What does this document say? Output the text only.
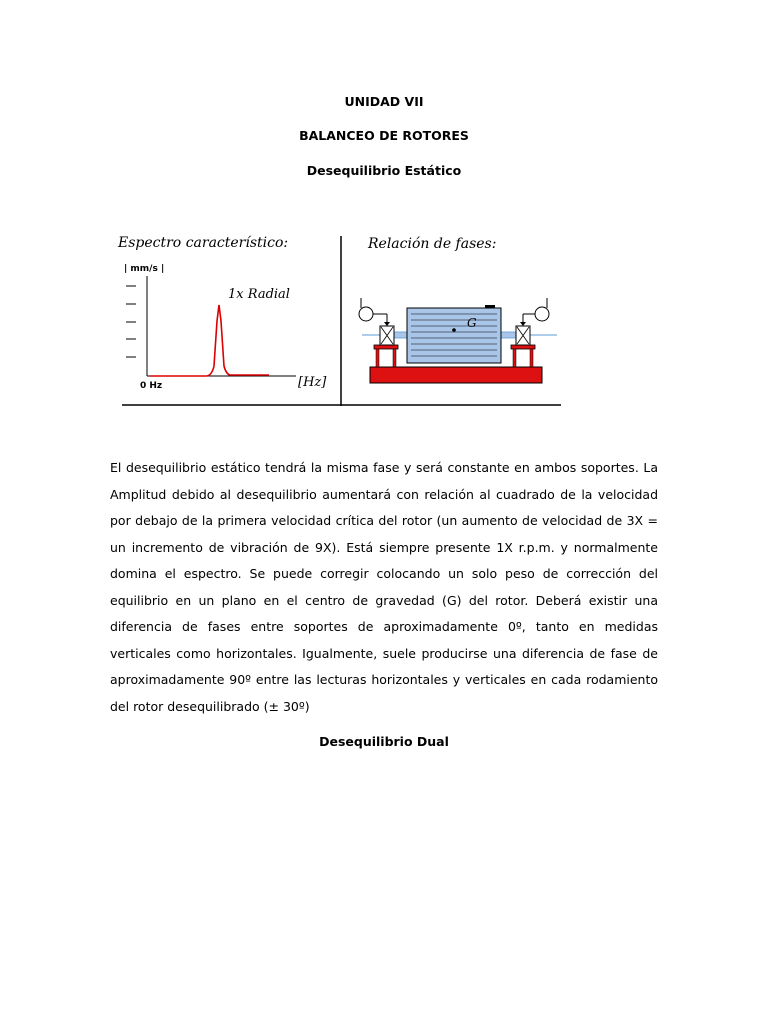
UNIDAD VII
BALANCEO DE ROTORES
Desequilibrio Estático
Espectro característico:
| mm/s |
1x Radial
0 Hz	[Hz]
Relación de fases:
G

El desequilibrio estático tendrá la misma fase y será constante en ambos soportes. La Amplitud debido al desequilibrio aumentará con relación al cuadrado de la velocidad por debajo de la primera velocidad crítica del rotor (un aumento de velocidad de 3X = un incremento de vibración de 9X). Está siempre presente 1X r.p.m. y normalmente domina el espectro. Se puede corregir colocando un solo peso de corrección del equilibrio en un plano en el centro de gravedad (G) del rotor. Deberá existir una diferencia de fases entre soportes de aproximadamente 0º, tanto en medidas verticales como horizontales. Igualmente, suele producirse una diferencia de fase de aproximadamente 90º entre las lecturas horizontales y verticales en cada rodamiento del rotor desequilibrado (± 30º)

Desequilibrio Dual
